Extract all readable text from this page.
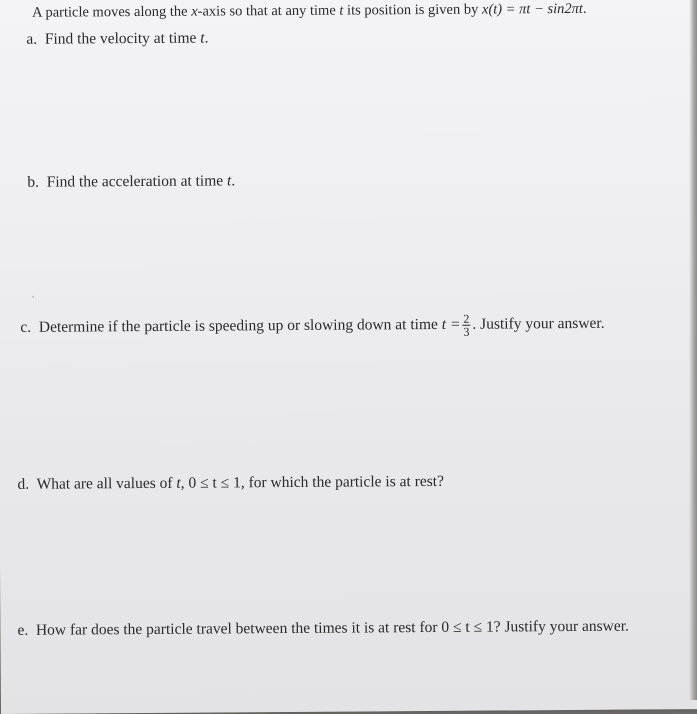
A particle moves along the x-axis so that at any time t its position is given by x(t) = πt − sin2πt.
a. Find the velocity at time t.
b. Find the acceleration at time t.
c. Determine if the particle is speeding up or slowing down at time $t = \frac{2}{3}$ . Justify your answer.
d. What are all values of t, 0 ≤ t ≤ 1, for which the particle is at rest?
e. How far does the particle travel between the times it is at rest for 0 ≤ t ≤ 1? Justify your answer.
